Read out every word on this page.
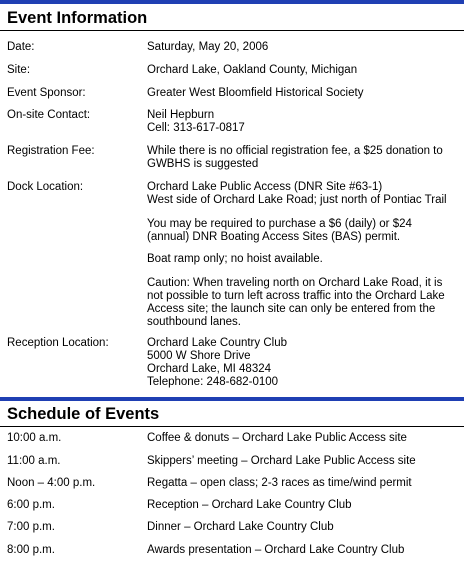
Event Information
Date:	Saturday, May 20, 2006
Site:	Orchard Lake, Oakland County, Michigan
Event Sponsor:	Greater West Bloomfield Historical Society
On-site Contact:	Neil Hepburn
Cell: 313-617-0817
Registration Fee:	While there is no official registration fee, a $25 donation to
GWBHS is suggested
Dock Location:	Orchard Lake Public Access (DNR Site #63-1)
West side of Orchard Lake Road; just north of Pontiac Trail
You may be required to purchase a $6 (daily) or $24
(annual) DNR Boating Access Sites (BAS) permit.
Boat ramp only; no hoist available.
Caution: When traveling north on Orchard Lake Road, it is
not possible to turn left across traffic into the Orchard Lake
Access site; the launch site can only be entered from the
southbound lanes.
Reception Location:	Orchard Lake Country Club
5000 W Shore Drive
Orchard Lake, MI 48324
Telephone: 248-682-0100
Schedule of Events
10:00 a.m.	Coffee & donuts – Orchard Lake Public Access site
11:00 a.m.	Skippers’ meeting – Orchard Lake Public Access site
Noon – 4:00 p.m.	Regatta – open class; 2-3 races as time/wind permit
6:00 p.m.	Reception – Orchard Lake Country Club
7:00 p.m.	Dinner – Orchard Lake Country Club
8:00 p.m.	Awards presentation – Orchard Lake Country Club
